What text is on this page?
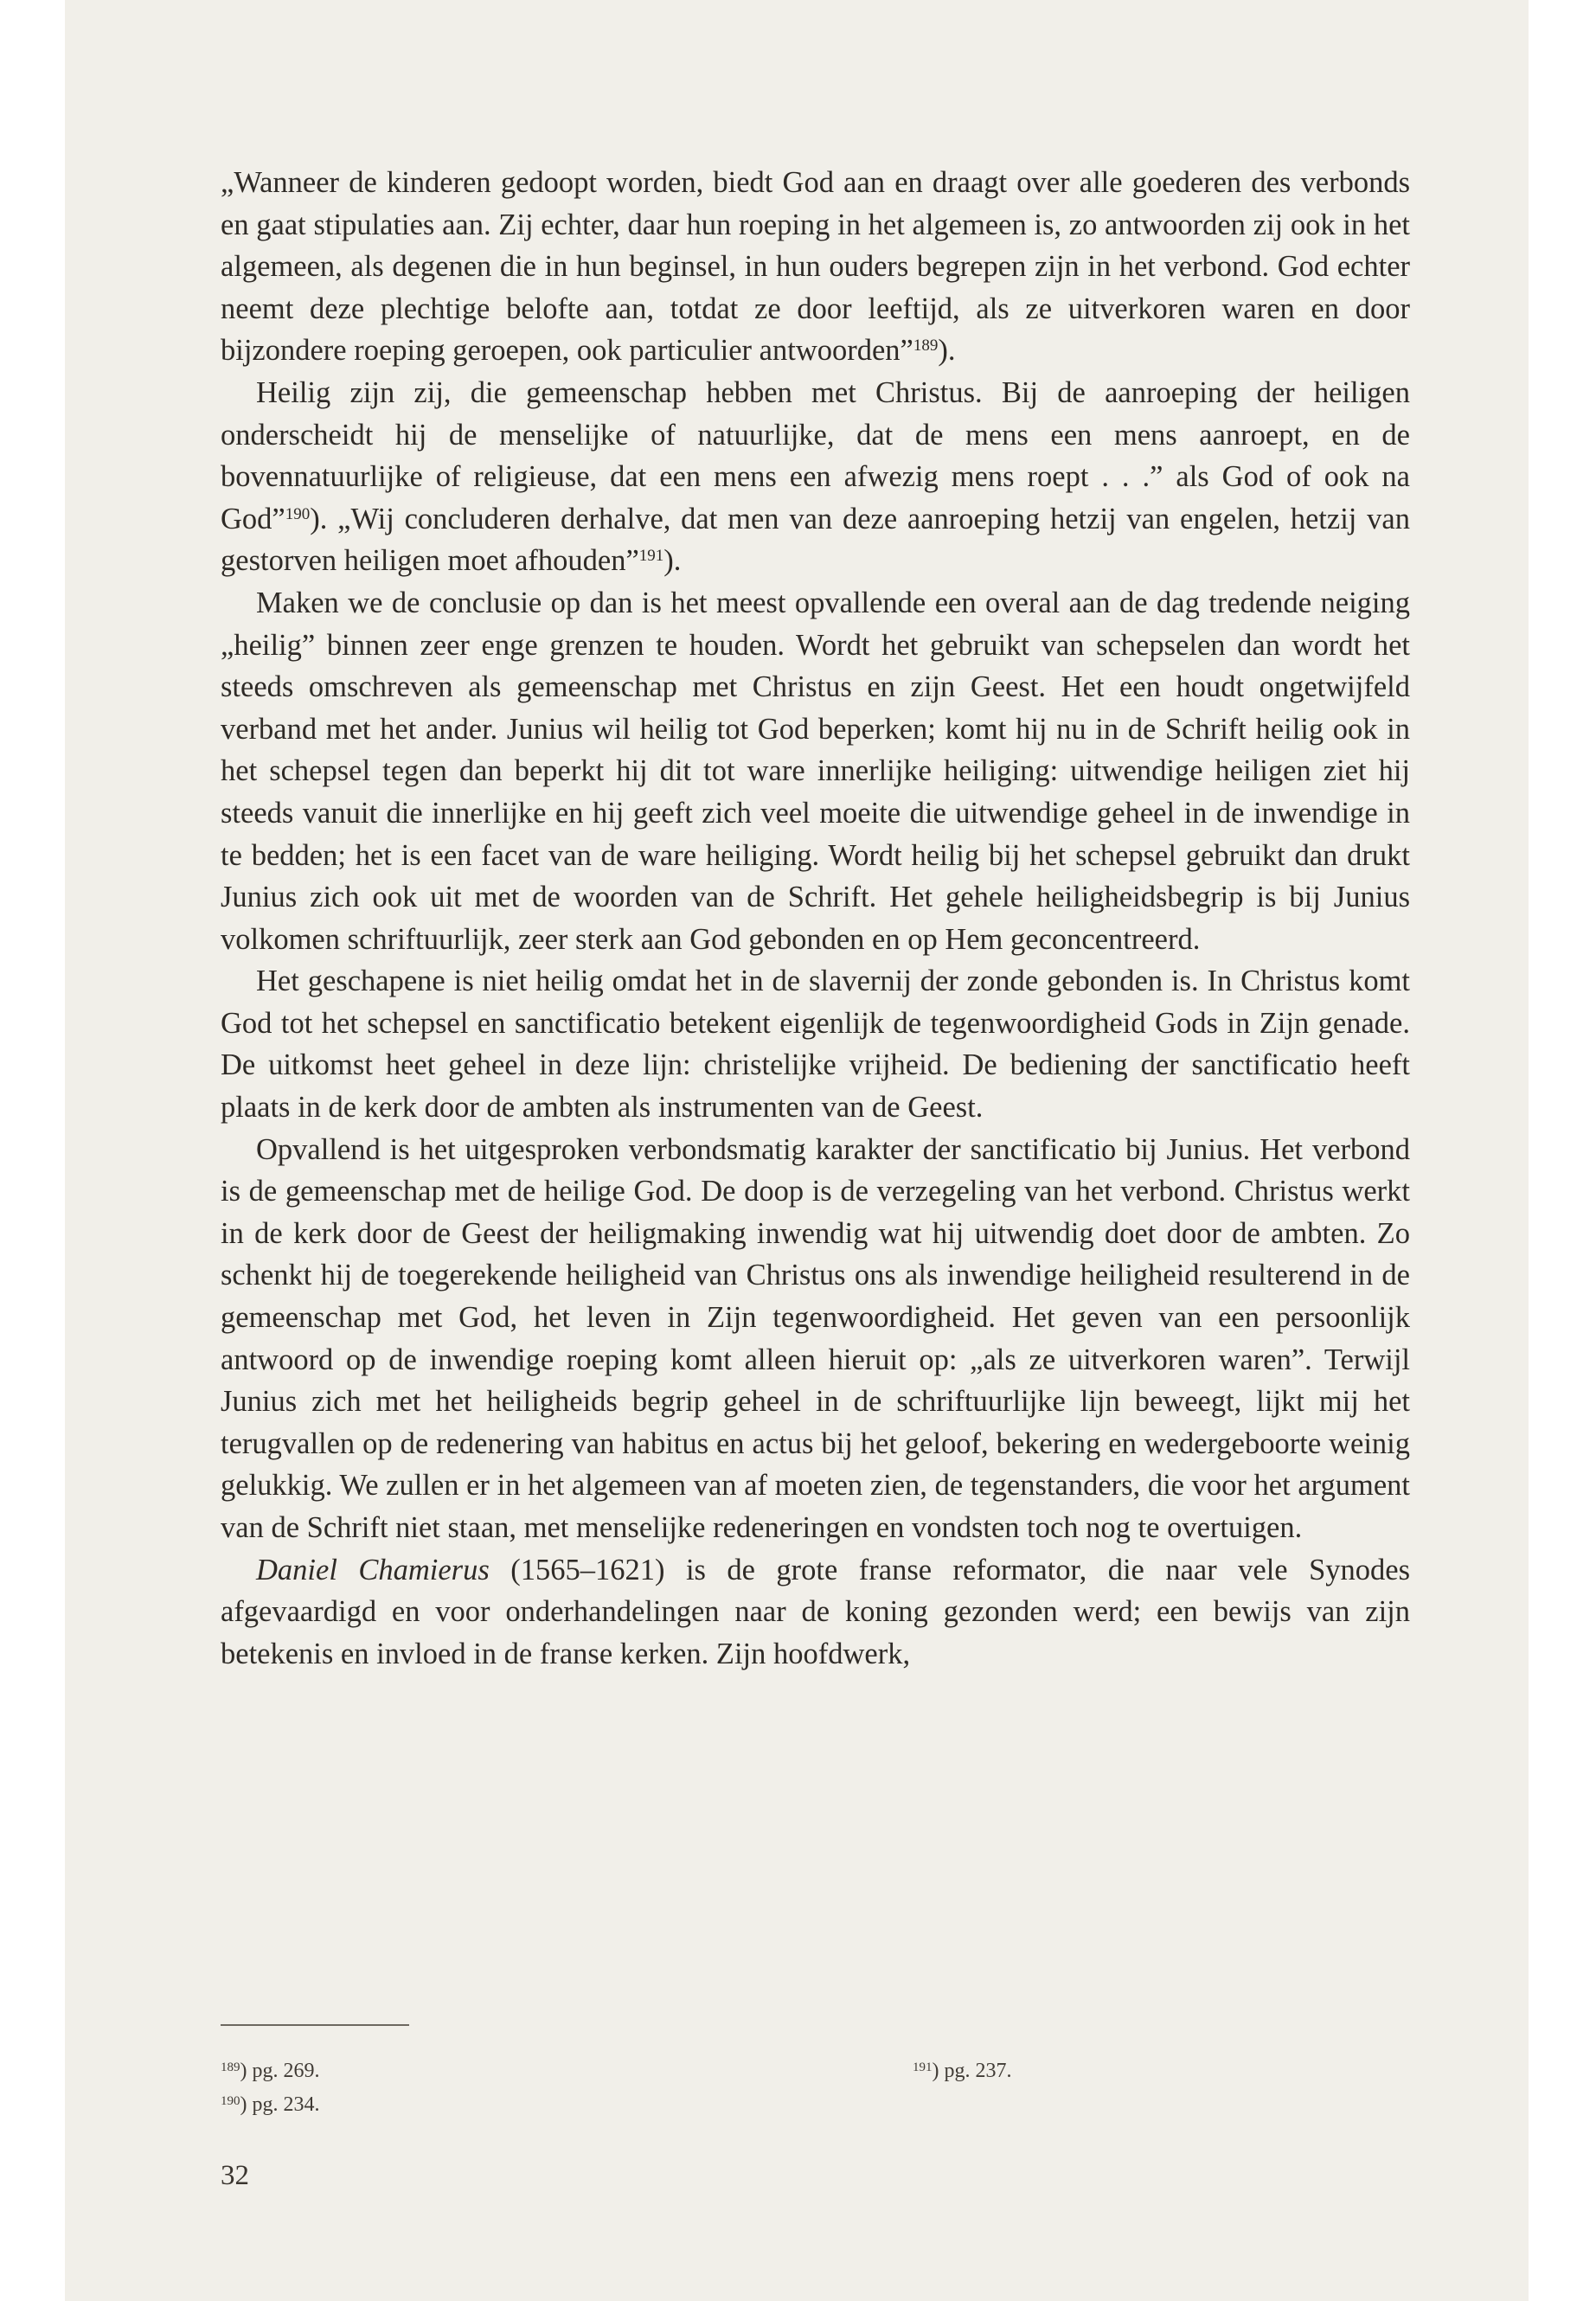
„Wanneer de kinderen gedoopt worden, biedt God aan en draagt over alle goederen des verbonds en gaat stipulaties aan. Zij echter, daar hun roeping in het algemeen is, zo antwoorden zij ook in het algemeen, als degenen die in hun beginsel, in hun ouders begrepen zijn in het verbond. God echter neemt deze plechtige belofte aan, totdat ze door leeftijd, als ze uitverkoren waren en door bijzondere roeping geroepen, ook particulier antwoorden”$^{189}$).

Heilig zijn zij, die gemeenschap hebben met Christus. Bij de aanroeping der heiligen onderscheidt hij de menselijke of natuurlijke, dat de mens een mens aanroept, en de bovennatuurlijke of religieuse, dat een mens een afwezig mens roept . . .” als God of ook na God”$^{190}$). „Wij concluderen derhalve, dat men van deze aanroeping hetzij van engelen, hetzij van gestorven heiligen moet afhouden”$^{191}$).

Maken we de conclusie op dan is het meest opvallende een overal aan de dag tredende neiging „heilig” binnen zeer enge grenzen te houden. Wordt het gebruikt van schepselen dan wordt het steeds omschreven als gemeenschap met Christus en zijn Geest. Het een houdt ongetwijfeld verband met het ander. Junius wil heilig tot God beperken; komt hij nu in de Schrift heilig ook in het schepsel tegen dan beperkt hij dit tot ware innerlijke heiliging: uitwendige heiligen ziet hij steeds vanuit die innerlijke en hij geeft zich veel moeite die uitwendige geheel in de inwendige in te bedden; het is een facet van de ware heiliging. Wordt heilig bij het schepsel gebruikt dan drukt Junius zich ook uit met de woorden van de Schrift. Het gehele heiligheidsbegrip is bij Junius volkomen schriftuurlijk, zeer sterk aan God gebonden en op Hem geconcentreerd.

Het geschapene is niet heilig omdat het in de slavernij der zonde gebonden is. In Christus komt God tot het schepsel en sanctificatio betekent eigenlijk de tegenwoordigheid Gods in Zijn genade. De uitkomst heet geheel in deze lijn: christelijke vrijheid. De bediening der sanctificatio heeft plaats in de kerk door de ambten als instrumenten van de Geest.

Opvallend is het uitgesproken verbondsmatig karakter der sanctificatio bij Junius. Het verbond is de gemeenschap met de heilige God. De doop is de verzegeling van het verbond. Christus werkt in de kerk door de Geest der heiligmaking inwendig wat hij uitwendig doet door de ambten. Zo schenkt hij de toegerekende heiligheid van Christus ons als inwendige heiligheid resulterend in de gemeenschap met God, het leven in Zijn tegenwoordigheid. Het geven van een persoonlijk antwoord op de inwendige roeping komt alleen hieruit op: „als ze uitverkoren waren”. Terwijl Junius zich met het heiligheids begrip geheel in de schriftuurlijke lijn beweegt, lijkt mij het terugvallen op de redenering van habitus en actus bij het geloof, bekering en wedergeboorte weinig gelukkig. We zullen er in het algemeen van af moeten zien, de tegenstanders, die voor het argument van de Schrift niet staan, met menselijke redeneringen en vondsten toch nog te overtuigen.

Daniel Chamierus (1565–1621) is de grote franse reformator, die naar vele Synodes afgevaardigd en voor onderhandelingen naar de koning gezonden werd; een bewijs van zijn betekenis en invloed in de franse kerken. Zijn hoofdwerk,

$^{189}$) pg. 269.
$^{190}$) pg. 234.
$^{191}$) pg. 237.
32
